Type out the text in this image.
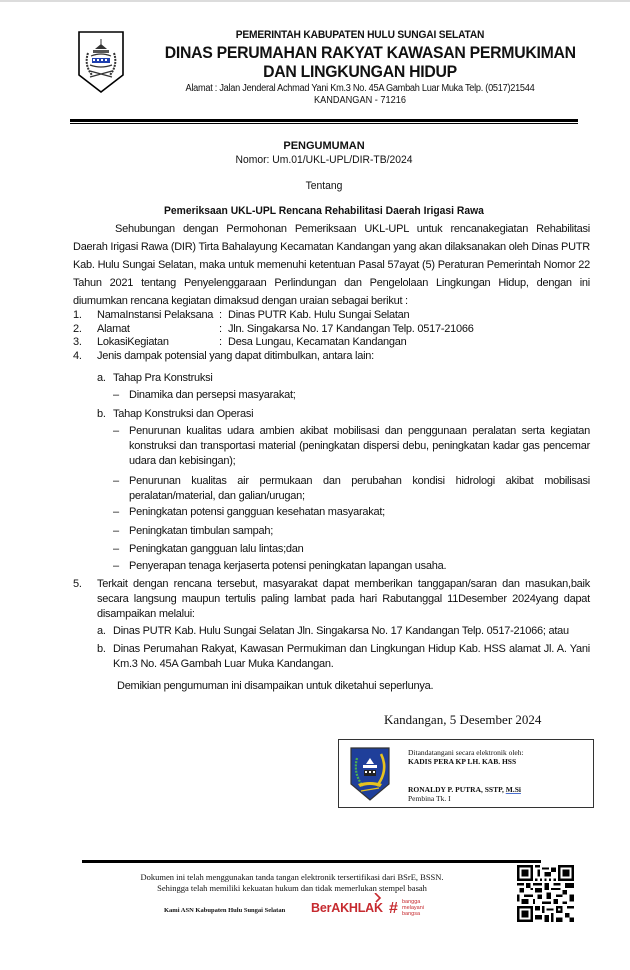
PEMERINTAH KABUPATEN HULU SUNGAI SELATAN
DINAS PERUMAHAN RAKYAT KAWASAN PERMUKIMAN
DAN LINGKUNGAN HIDUP
Alamat : Jalan Jenderal Achmad Yani Km.3 No. 45A Gambah Luar Muka Telp. (0517)21544
KANDANGAN - 71216
PENGUMUMAN
Nomor: Um.01/UKL-UPL/DIR-TB/2024
Tentang
Pemeriksaan UKL-UPL Rencana Rehabilitasi Daerah Irigasi Rawa

Sehubungan dengan Permohonan Pemeriksaan UKL-UPL untuk rencanakegiatan Rehabilitasi Daerah Irigasi Rawa (DIR) Tirta Bahalayung Kecamatan Kandangan yang akan dilaksanakan oleh Dinas PUTR Kab. Hulu Sungai Selatan, maka untuk memenuhi ketentuan Pasal 57ayat (5) Peraturan Pemerintah Nomor 22 Tahun 2021 tentang Penyelenggaraan Perlindungan dan Pengelolaan Lingkungan Hidup, dengan ini diumumkan rencana kegiatan dimaksud dengan uraian sebagai berikut :

1. NamaInstansi Pelaksana : Dinas PUTR Kab. Hulu Sungai Selatan
2. Alamat	: Jln. Singakarsa No. 17 Kandangan Telp. 0517-21066
3. LokasiKegiatan	: Desa Lungau, Kecamatan Kandangan
4. Jenis dampak potensial yang dapat ditimbulkan, antara lain:
a. Tahap Pra Konstruksi
– Dinamika dan persepsi masyarakat;
b. Tahap Konstruksi dan Operasi
– Penurunan kualitas udara ambien akibat mobilisasi dan penggunaan peralatan serta kegiatan konstruksi dan transportasi material (peningkatan dispersi debu, peningkatan kadar gas pencemar udara dan kebisingan);
– Penurunan kualitas air permukaan dan perubahan kondisi hidrologi akibat mobilisasi peralatan/material, dan galian/urugan;
– Peningkatan potensi gangguan kesehatan masyarakat;
– Peningkatan timbulan sampah;
– Peningkatan gangguan lalu lintas;dan
– Penyerapan tenaga kerjaserta potensi peningkatan lapangan usaha.
5. Terkait dengan rencana tersebut, masyarakat dapat memberikan tanggapan/saran dan masukan,baik secara langsung maupun tertulis paling lambat pada hari Rabutanggal 11Desember 2024yang dapat disampaikan melalui:
a. Dinas PUTR Kab. Hulu Sungai Selatan Jln. Singakarsa No. 17 Kandangan Telp. 0517-21066; atau
b. Dinas Perumahan Rakyat, Kawasan Permukiman dan Lingkungan Hidup Kab. HSS alamat Jl. A. Yani Km.3 No. 45A Gambah Luar Muka Kandangan.
Demikian pengumuman ini disampaikan untuk diketahui seperlunya.
Kandangan, 5 Desember 2024
Ditandatangani secara elektronik oleh:
KADIS PERA KP LH. KAB. HSS
RONALDY P. PUTRA, SSTP, M.Si
Pembina Tk. I
Dokumen ini telah menggunakan tanda tangan elektronik tersertifikasi dari BSrE, BSSN.
Sehingga telah memiliki kekuatan hukum dan tidak memerlukan stempel basah
Kami ASN Kabupaten Hulu Sungai Selatan BerAKHLAK # bangga
melayani
bangsa
